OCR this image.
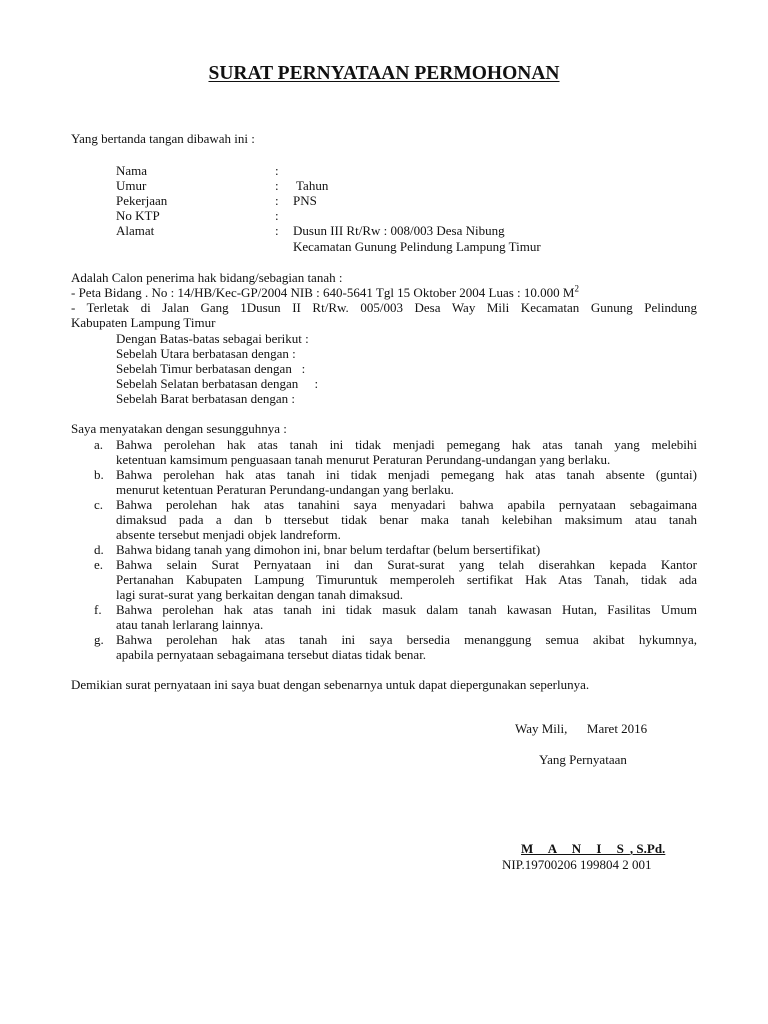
SURAT PERNYATAAN PERMOHONAN
Yang bertanda tangan dibawah ini :
Nama	:
Umur	: Tahun
Pekerjaan	: PNS
No KTP	:
Alamat	: Dusun III Rt/Rw : 008/003 Desa Nibung
Kecamatan Gunung Pelindung Lampung Timur
Adalah Calon penerima hak bidang/sebagian tanah :
- Peta Bidang . No : 14/HB/Kec-GP/2004 NIB : 640-5641 Tgl 15 Oktober 2004 Luas : 10.000 $M^2$
- Terletak di Jalan Gang 1Dusun II Rt/Rw. 005/003 Desa Way Mili Kecamatan Gunung Pelindung
Kabupaten Lampung Timur
Dengan Batas-batas sebagai berikut :
Sebelah Utara berbatasan dengan :
Sebelah Timur berbatasan dengan   :
Sebelah Selatan berbatasan dengan     :
Sebelah Barat berbatasan dengan :
Saya menyatakan dengan sesungguhnya :
a. Bahwa perolehan hak atas tanah ini tidak menjadi pemegang hak atas tanah yang melebihi
ketentuan kamsimum penguasaan tanah menurut Peraturan Perundang-undangan yang berlaku.
b. Bahwa perolehan hak atas tanah ini tidak menjadi pemegang hak atas tanah absente (guntai)
menurut ketentuan Peraturan Perundang-undangan yang berlaku.
c. Bahwa perolehan hak atas tanahini saya menyadari bahwa apabila pernyataan sebagaimana
dimaksud pada a dan b ttersebut tidak benar maka tanah kelebihan maksimum atau tanah
absente tersebut menjadi objek landreform.
d. Bahwa bidang tanah yang dimohon ini, bnar belum terdaftar (belum bersertifikat)
e. Bahwa selain Surat Pernyataan ini dan Surat-surat yang telah diserahkan kepada Kantor
Pertanahan Kabupaten Lampung Timuruntuk memperoleh sertifikat Hak Atas Tanah, tidak ada
lagi surat-surat yang berkaitan dengan tanah dimaksud.
f. Bahwa perolehan hak atas tanah ini tidak masuk dalam tanah kawasan Hutan, Fasilitas Umum
atau tanah lerlarang lainnya.
g. Bahwa perolehan hak atas tanah ini saya bersedia menanggung semua akibat hykumnya,
apabila pernyataan sebagaimana tersebut diatas tidak benar.
Demikian surat pernyataan ini saya buat dengan sebenarnya untuk dapat diepergunakan seperlunya.
Way Mili,      Maret 2016
Yang Pernyataan
M A N I S, S.Pd.
NIP.19700206 199804 2 001
